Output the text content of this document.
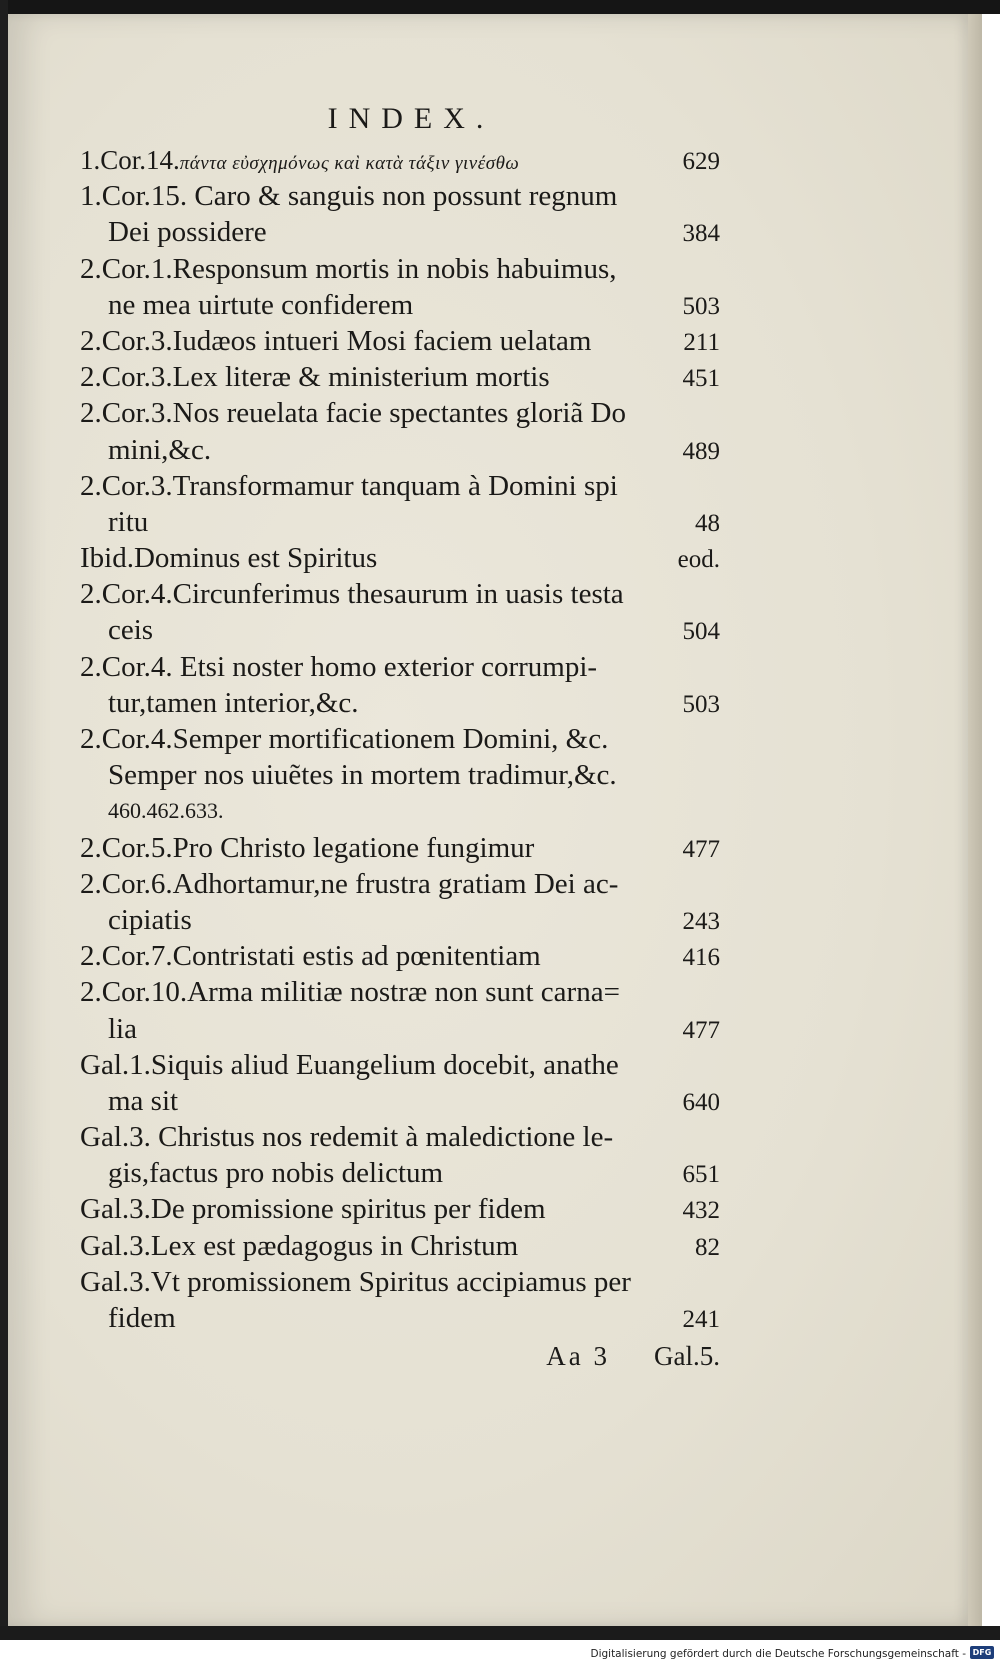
Digitalisierung gefördert durch die Deutsche Forschungsgemeinschaft - DFG
INDEX.
1.Cor.14.πάντα εὐσχημόνως καὶ κατὰ τάξιν γινέσθω	629
1.Cor.15. Caro & sanguis non possunt regnum
Dei possidere	384
2.Cor.1.Responsum mortis in nobis habuimus,
ne mea uirtute confiderem	503
2.Cor.3.Iudæos intueri Mosi faciem uelatam	211
2.Cor.3.Lex literæ & ministerium mortis	451
2.Cor.3.Nos reuelata facie spectantes gloriã Do
mini,&c.	489
2.Cor.3.Transformamur tanquam à Domini spi
ritu	48
Ibid.Dominus est Spiritus	eod.
2.Cor.4.Circunferimus thesaurum in uasis testa
ceis	504
2.Cor.4. Etsi noster homo exterior corrumpi-
tur,tamen interior,&c.	503
2.Cor.4.Semper mortificationem Domini, &c.
Semper nos uiuẽtes in mortem tradimur,&c.
460.462.633.
2.Cor.5.Pro Christo legatione fungimur	477
2.Cor.6.Adhortamur,ne frustra gratiam Dei ac-
cipiatis	243
2.Cor.7.Contristati estis ad pœnitentiam	416
2.Cor.10.Arma militiæ nostræ non sunt carna=
lia	477
Gal.1.Siquis aliud Euangelium docebit, anathe
ma sit	640
Gal.3. Christus nos redemit à maledictione le-
gis,factus pro nobis delictum	651
Gal.3.De promissione spiritus per fidem	432
Gal.3.Lex est pædagogus in Christum	82
Gal.3.Vt promissionem Spiritus accipiamus per
fidem	241
Aa 3 Gal.5.
